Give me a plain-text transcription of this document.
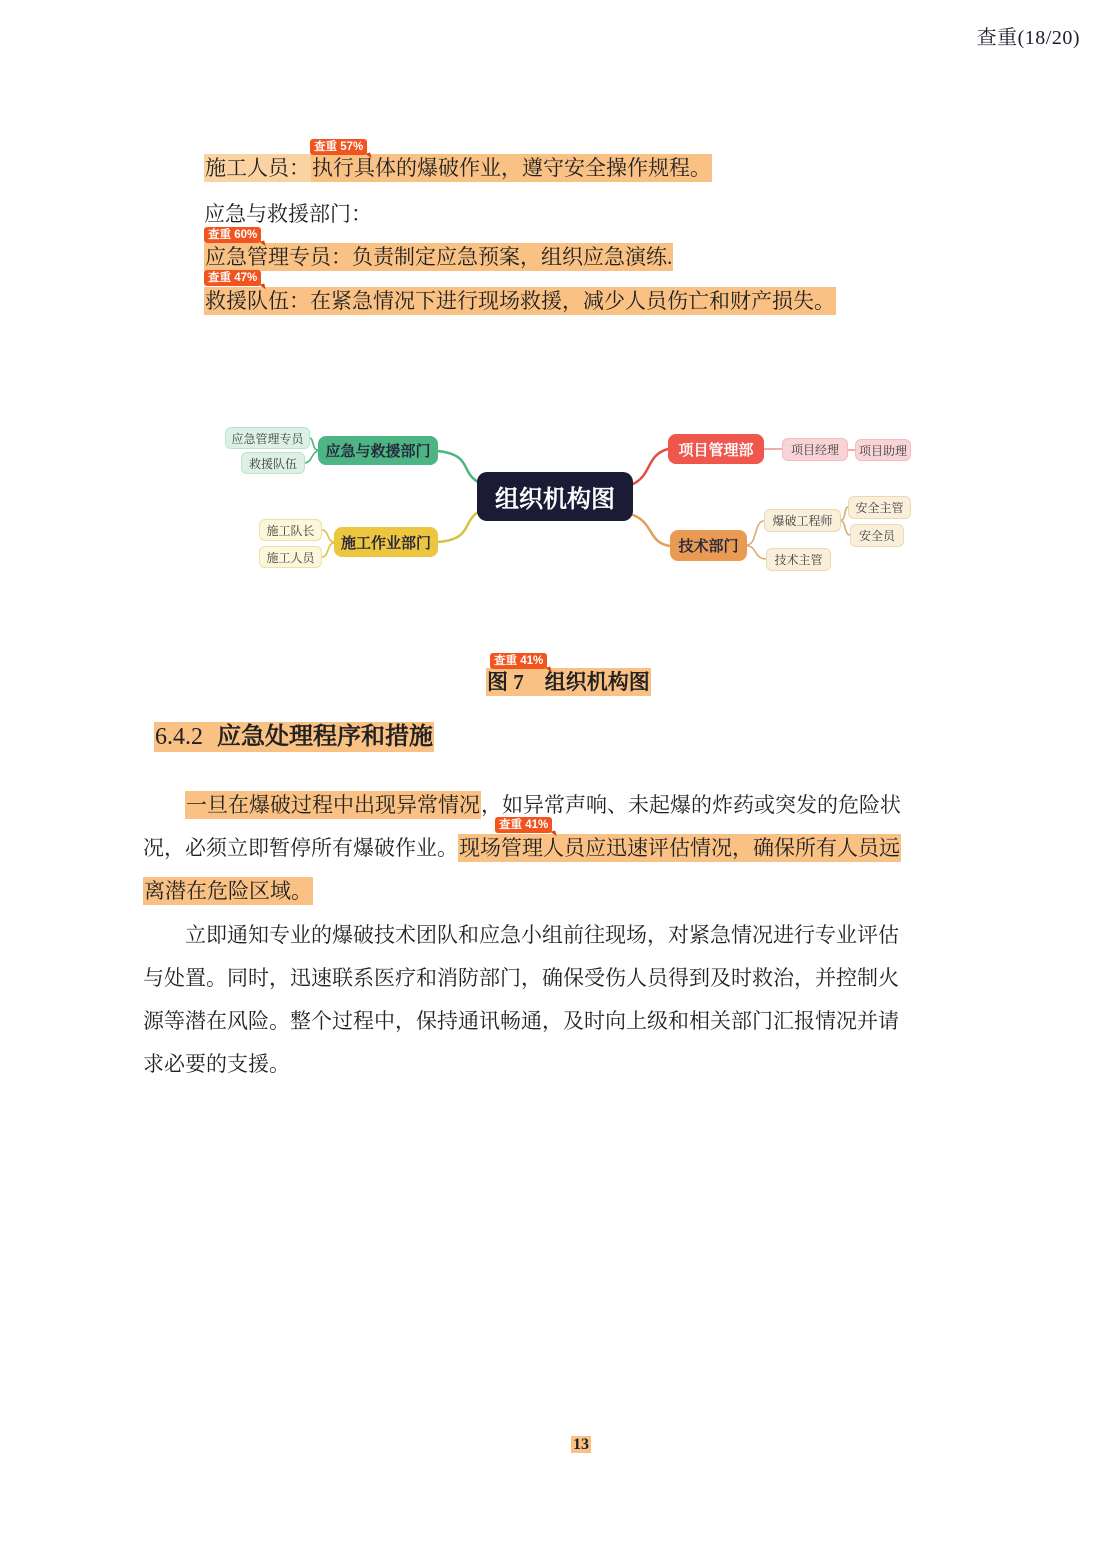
查重(18/20)
查重 57%
施工人员：执行具体的爆破作业，遵守安全操作规程。
应急与救援部门：
查重 60%
应急管理专员：负责制定应急预案，组织应急演练.
查重 47%
救援队伍：在紧急情况下进行现场救援，减少人员伤亡和财产损失。
组织机构图
应急与救援部门
应急管理专员
救援队伍
施工作业部门
施工队长
施工人员
项目管理部	项目经理	项目助理
技术部门
爆破工程师
安全主管
安全员
技术主管
查重 41%
图 7　组织机构图
6.4.2 应急处理程序和措施
一旦在爆破过程中出现异常情况，如异常声响、未起爆的炸药或突发的危险状
查重 41%
况，必须立即暂停所有爆破作业。现场管理人员应迅速评估情况，确保所有人员远
离潜在危险区域。
立即通知专业的爆破技术团队和应急小组前往现场，对紧急情况进行专业评估
与处置。同时，迅速联系医疗和消防部门，确保受伤人员得到及时救治，并控制火
源等潜在风险。整个过程中，保持通讯畅通，及时向上级和相关部门汇报情况并请
求必要的支援。
13
